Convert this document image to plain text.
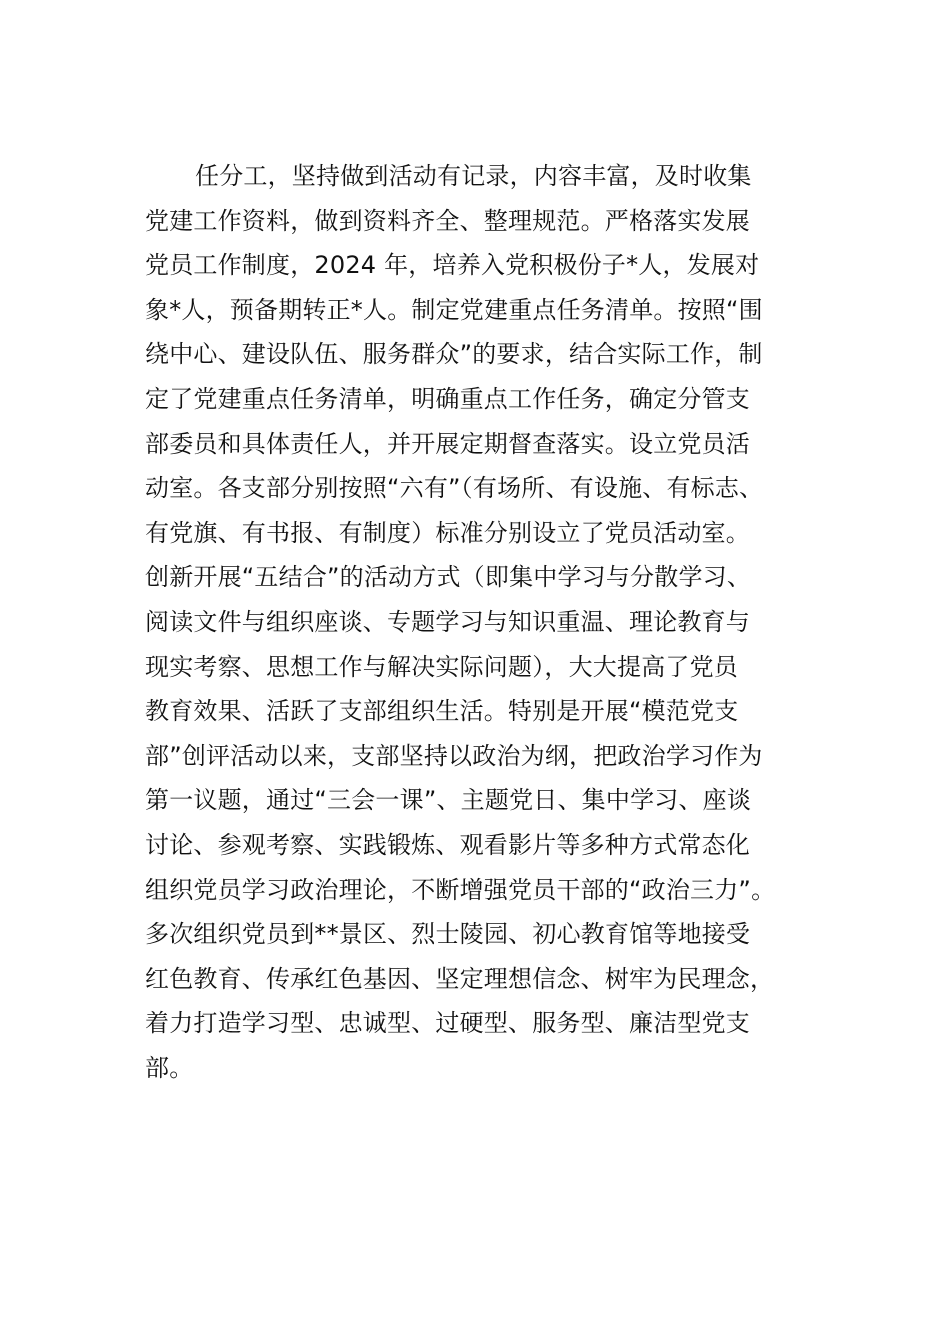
任分工，坚持做到活动有记录，内容丰富，及时收集
党建工作资料，做到资料齐全、整理规范。严格落实发展
党员工作制度，2024 年，培养入党积极份子*人，发展对
象*人，预备期转正*人。制定党建重点任务清单。按照“围
绕中心、建设队伍、服务群众”的要求，结合实际工作，制
定了党建重点任务清单，明确重点工作任务，确定分管支
部委员和具体责任人，并开展定期督查落实。设立党员活
动室。各支部分别按照“六有”（有场所、有设施、有标志、
有党旗、有书报、有制度）标准分别设立了党员活动室。
创新开展“五结合”的活动方式（即集中学习与分散学习、
阅读文件与组织座谈、专题学习与知识重温、理论教育与
现实考察、思想工作与解决实际问题），大大提高了党员
教育效果、活跃了支部组织生活。特别是开展“模范党支
部”创评活动以来，支部坚持以政治为纲，把政治学习作为
第一议题，通过“三会一课”、主题党日、集中学习、座谈
讨论、参观考察、实践锻炼、观看影片等多种方式常态化
组织党员学习政治理论，不断增强党员干部的“政治三力”。
多次组织党员到**景区、烈士陵园、初心教育馆等地接受
红色教育、传承红色基因、坚定理想信念、树牢为民理念，
着力打造学习型、忠诚型、过硬型、服务型、廉洁型党支
部。
